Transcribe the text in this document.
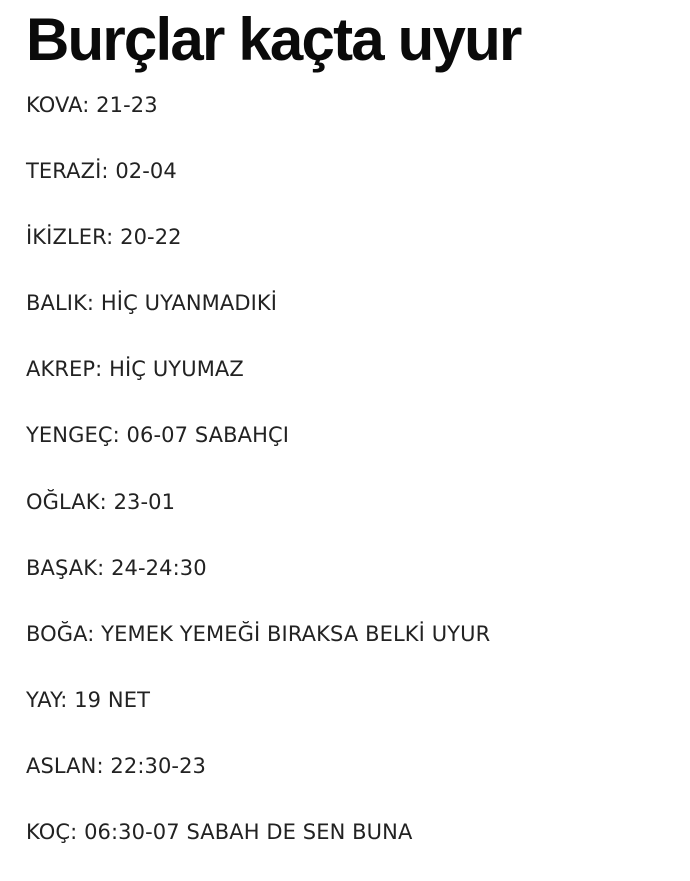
Burçlar kaçta uyur
KOVA: 21-23
TERAZİ: 02-04
İKİZLER: 20-22
BALIK: HİÇ UYANMADIKİ
AKREP: HİÇ UYUMAZ
YENGEÇ: 06-07 SABAHÇI
OĞLAK: 23-01
BAŞAK: 24-24:30
BOĞA: YEMEK YEMEĞİ BIRAKSA BELKİ UYUR
YAY: 19 NET
ASLAN: 22:30-23
KOÇ: 06:30-07 SABAH DE SEN BUNA
